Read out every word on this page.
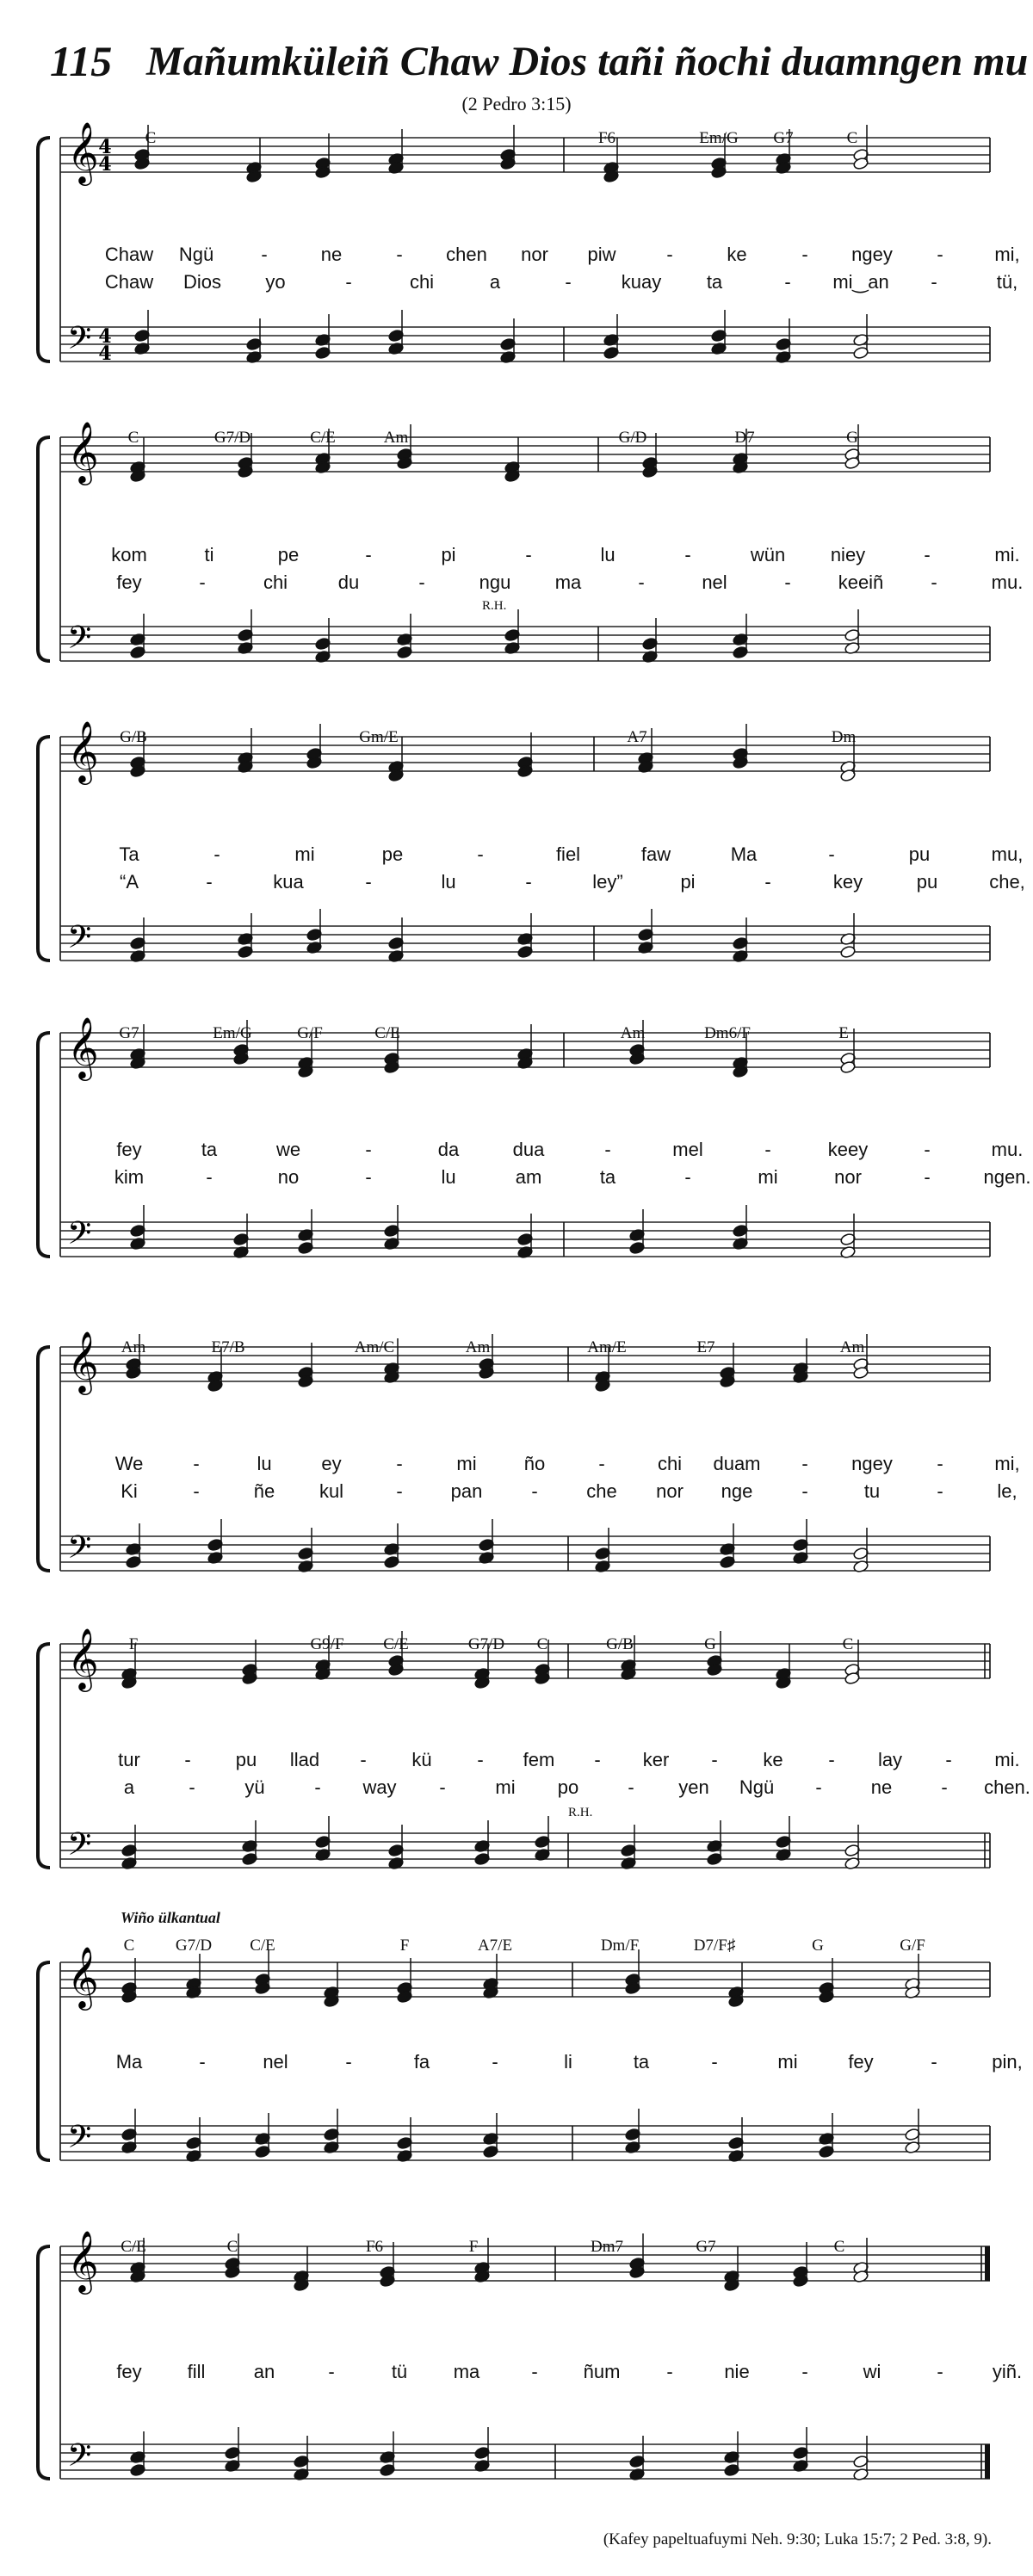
115 Mañumküleiñ Chaw Dios tañi ñochi duamngen mu
(2 Pedro 3:15)
𝄞 4
4
𝄢 4
4
C	F6	Em/G G7	C
Chaw Ngü	-	ne	- chen nor piw	-	ke	- ngey -	mi,
Chaw Dios yo	-	chi	a	-	kuay ta	- mi‿an -	tü,
𝄞
𝄢
C	G7/D	C/E	Am	G/D	D7	G
kom	ti	pe	-	pi	-	lu	-	wün niey	-	mi.
fey	-	chi	du	-	ngu ma	-	nel	-	keeiñ	-	mu.
R.H.
𝄞
𝄢
G/B	Gm/E	A7	Dm
Ta	-	mi	pe	-	fiel	faw	Ma	-	pu	mu,
“A	-	kua	-	lu	-	ley”	pi	-	key	pu	che,
𝄞
𝄢
G7	Em/G	G/F	C/E	Am	Dm6/F	E
fey	ta	we	-	da	dua	-	mel	-	keey	-	mu.
kim	-	no	-	lu	am	ta	-	mi	nor	-	ngen.
𝄞
𝄢
Am	E7/B	Am/C	Am	Am/E	E7	Am
We	-	lu	ey	-	mi	ño	-	chi duam - ngey -	mi,
Ki	-	ñe kul	-	pan	-	che nor nge	-	tu	-	le,
𝄞
𝄢
F	G9/F C/E	G7/D C	G/B	G	C
tur - pu llad - kü - fem - ker - ke - lay - mi.
a	-	yü	- way -	mi po	- yen Ngü -	ne	- chen.
R.H.
𝄞
𝄢
C	G7/D C/E	F	A7/E	Dm/F	D7/F♯	G	G/F
Ma	-	nel	-	fa	-	li	ta	-	mi	fey	-	pin,
Wiño ülkantual
𝄞
𝄢
C/E	C	F6	F	Dm7	G7	C
fey fill	an	-	tü ma	- ñum -	nie	-	wi	-	yiñ.
(Kafey papeltuafuymi Neh. 9:30; Luka 15:7; 2 Ped. 3:8, 9).
